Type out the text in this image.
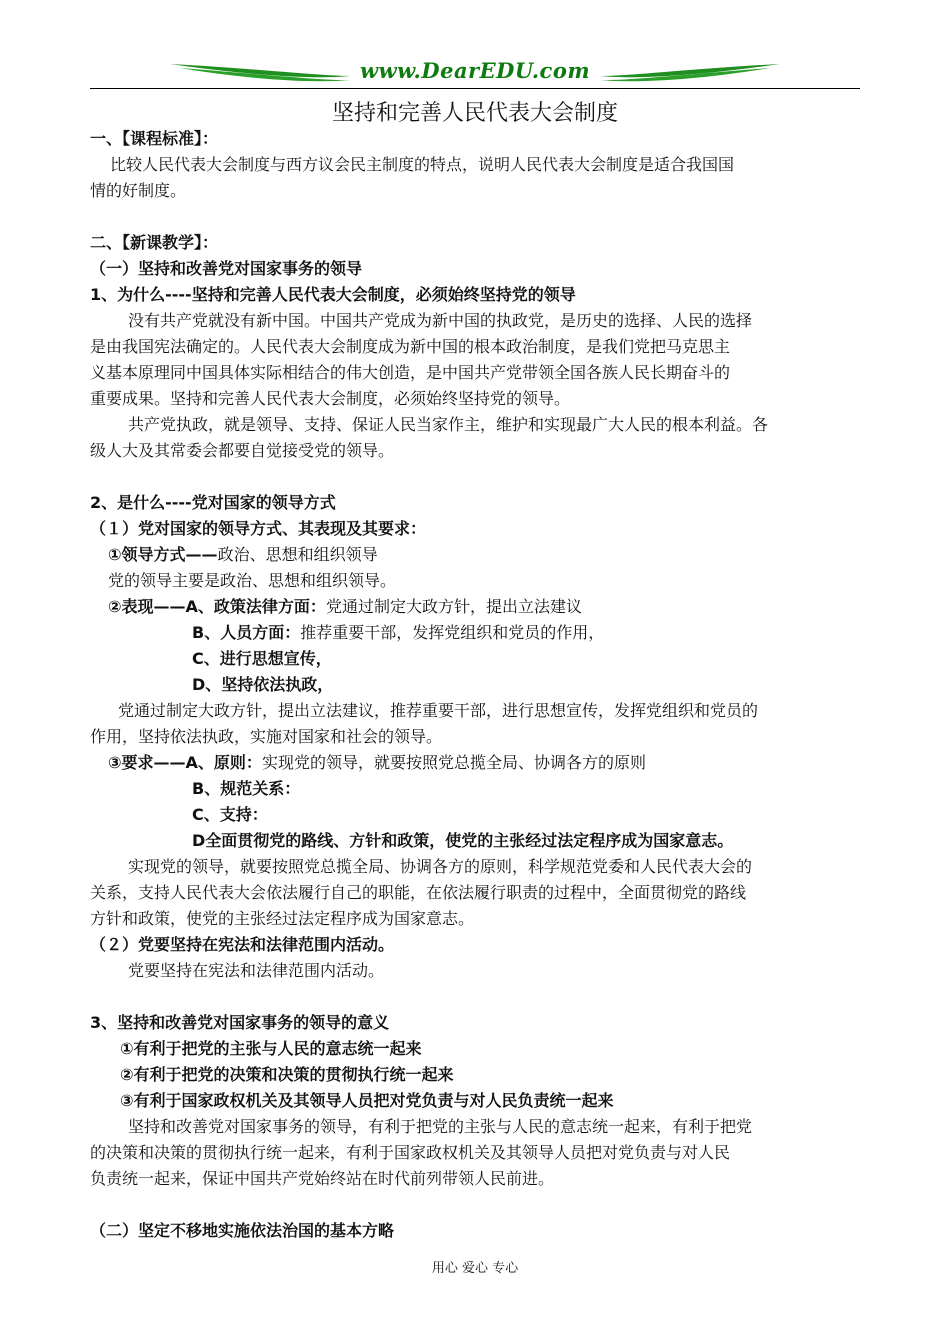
www.DearEDU.com
坚持和完善人民代表大会制度
一、【课程标准】：
比较人民代表大会制度与西方议会民主制度的特点，说明人民代表大会制度是适合我国国
情的好制度。
二、【新课教学】：
（一）坚持和改善党对国家事务的领导
1、为什么----坚持和完善人民代表大会制度，必须始终坚持党的领导
没有共产党就没有新中国。中国共产党成为新中国的执政党，是历史的选择、人民的选择
是由我国宪法确定的。人民代表大会制度成为新中国的根本政治制度，是我们党把马克思主
义基本原理同中国具体实际相结合的伟大创造，是中国共产党带领全国各族人民长期奋斗的
重要成果。坚持和完善人民代表大会制度，必须始终坚持党的领导。
共产党执政，就是领导、支持、保证人民当家作主，维护和实现最广大人民的根本利益。各
级人大及其常委会都要自觉接受党的领导。
2、是什么----党对国家的领导方式
（１）党对国家的领导方式、其表现及其要求：
①领导方式——政治、思想和组织领导
党的领导主要是政治、思想和组织领导。
②表现——A、政策法律方面：党通过制定大政方针，提出立法建议
B、人员方面：推荐重要干部，发挥党组织和党员的作用，
C、进行思想宣传，
D、坚持依法执政，
党通过制定大政方针，提出立法建议，推荐重要干部，进行思想宣传，发挥党组织和党员的
作用，坚持依法执政，实施对国家和社会的领导。
③要求——A、原则：实现党的领导，就要按照党总揽全局、协调各方的原则
B、规范关系：
C、支持：
D全面贯彻党的路线、方针和政策，使党的主张经过法定程序成为国家意志。
实现党的领导，就要按照党总揽全局、协调各方的原则，科学规范党委和人民代表大会的
关系，支持人民代表大会依法履行自己的职能，在依法履行职责的过程中，全面贯彻党的路线
方针和政策，使党的主张经过法定程序成为国家意志。
（２）党要坚持在宪法和法律范围内活动。
党要坚持在宪法和法律范围内活动。
3、坚持和改善党对国家事务的领导的意义
①有利于把党的主张与人民的意志统一起来
②有利于把党的决策和决策的贯彻执行统一起来
③有利于国家政权机关及其领导人员把对党负责与对人民负责统一起来
坚持和改善党对国家事务的领导，有利于把党的主张与人民的意志统一起来，有利于把党
的决策和决策的贯彻执行统一起来，有利于国家政权机关及其领导人员把对党负责与对人民
负责统一起来，保证中国共产党始终站在时代前列带领人民前进。
（二）坚定不移地实施依法治国的基本方略
用心 爱心 专心
